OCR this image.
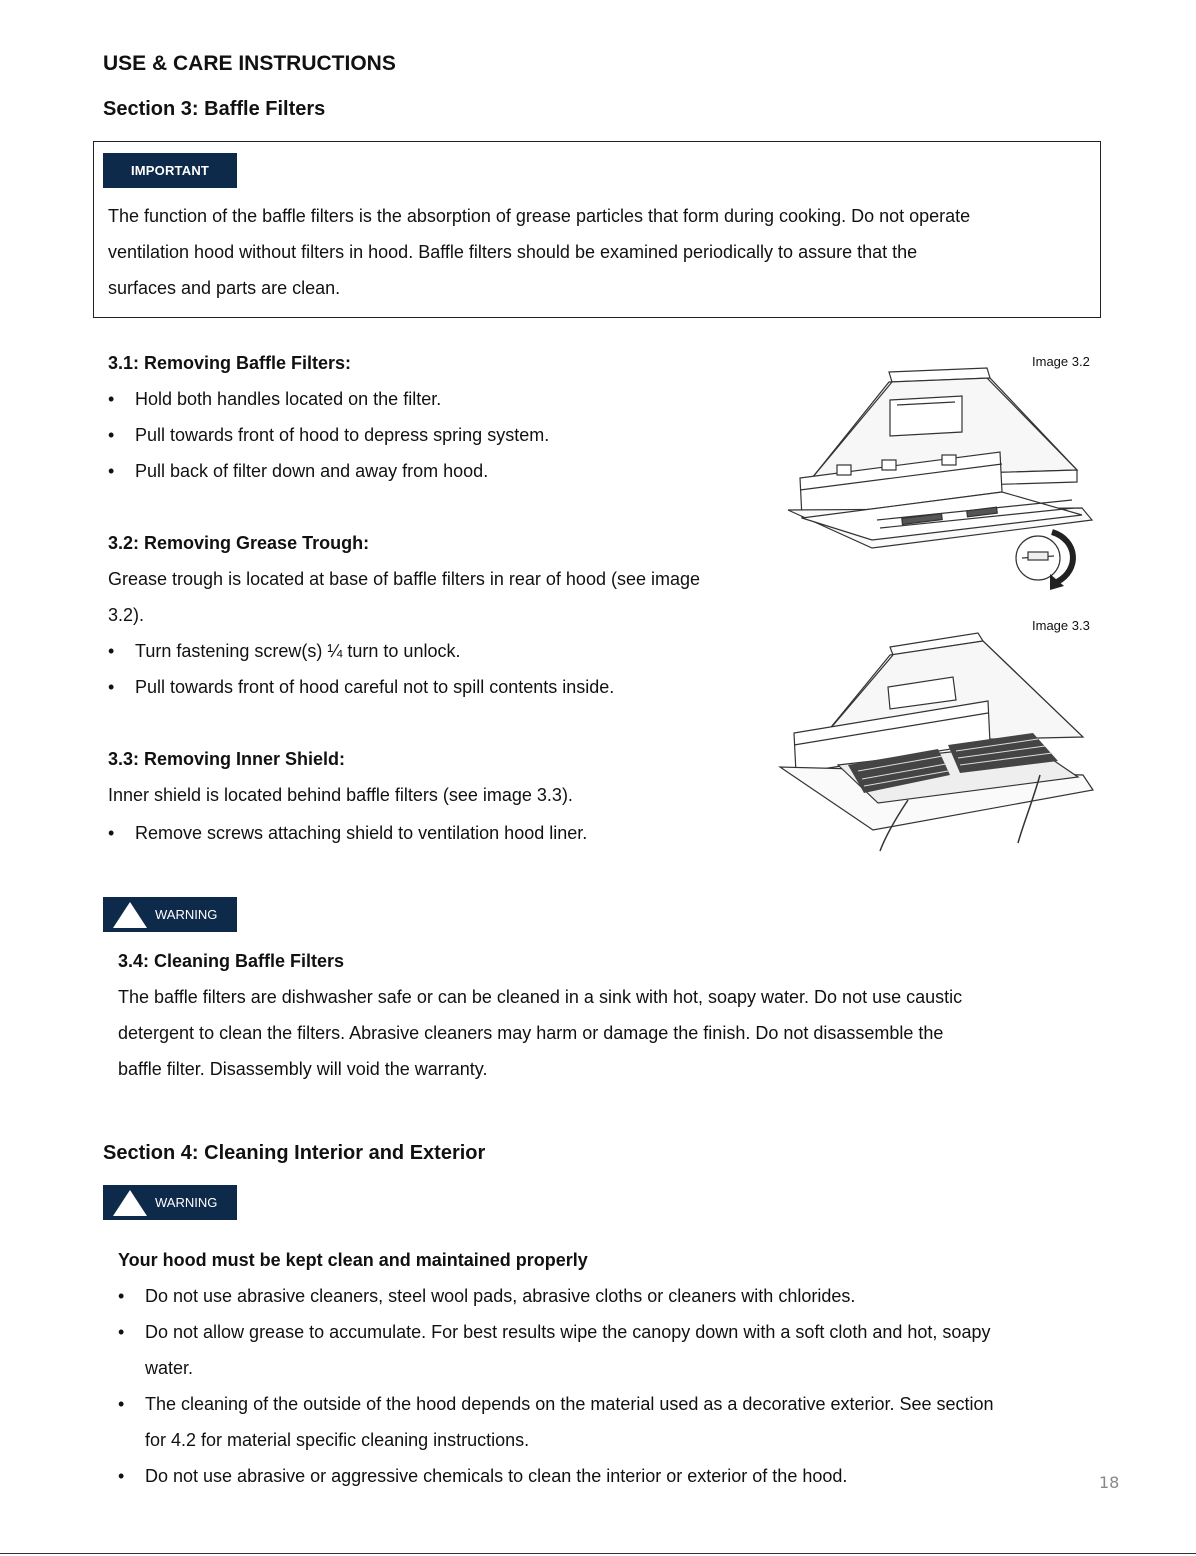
USE & CARE INSTRUCTIONS
Section 3: Baffle Filters
IMPORTANT
The function of the baffle filters is the absorption of grease particles that form during cooking. Do not operate
ventilation hood without filters in hood. Baffle filters should be examined periodically to assure that the
surfaces and parts are clean.
3.1: Removing Baffle Filters:
• Hold both handles located on the filter.
• Pull towards front of hood to depress spring system.
• Pull back of filter down and away from hood.
3.2: Removing Grease Trough:
Grease trough is located at base of baffle filters in rear of hood (see image
3.2).
• Turn fastening screw(s) ¼ turn to unlock.
• Pull towards front of hood careful not to spill contents inside.
3.3: Removing Inner Shield:
Inner shield is located behind baffle filters (see image 3.3).
• Remove screws attaching shield to ventilation hood liner.
Image 3.2
Image 3.3
WARNING
3.4: Cleaning Baffle Filters
The baffle filters are dishwasher safe or can be cleaned in a sink with hot, soapy water. Do not use caustic
detergent to clean the filters. Abrasive cleaners may harm or damage the finish. Do not disassemble the
baffle filter. Disassembly will void the warranty.
Section 4: Cleaning Interior and Exterior
WARNING
Your hood must be kept clean and maintained properly
• Do not use abrasive cleaners, steel wool pads, abrasive cloths or cleaners with chlorides.
• Do not allow grease to accumulate. For best results wipe the canopy down with a soft cloth and hot, soapy
water.
• The cleaning of the outside of the hood depends on the material used as a decorative exterior. See section
for 4.2 for material specific cleaning instructions.
• Do not use abrasive or aggressive chemicals to clean the interior or exterior of the hood.	18
